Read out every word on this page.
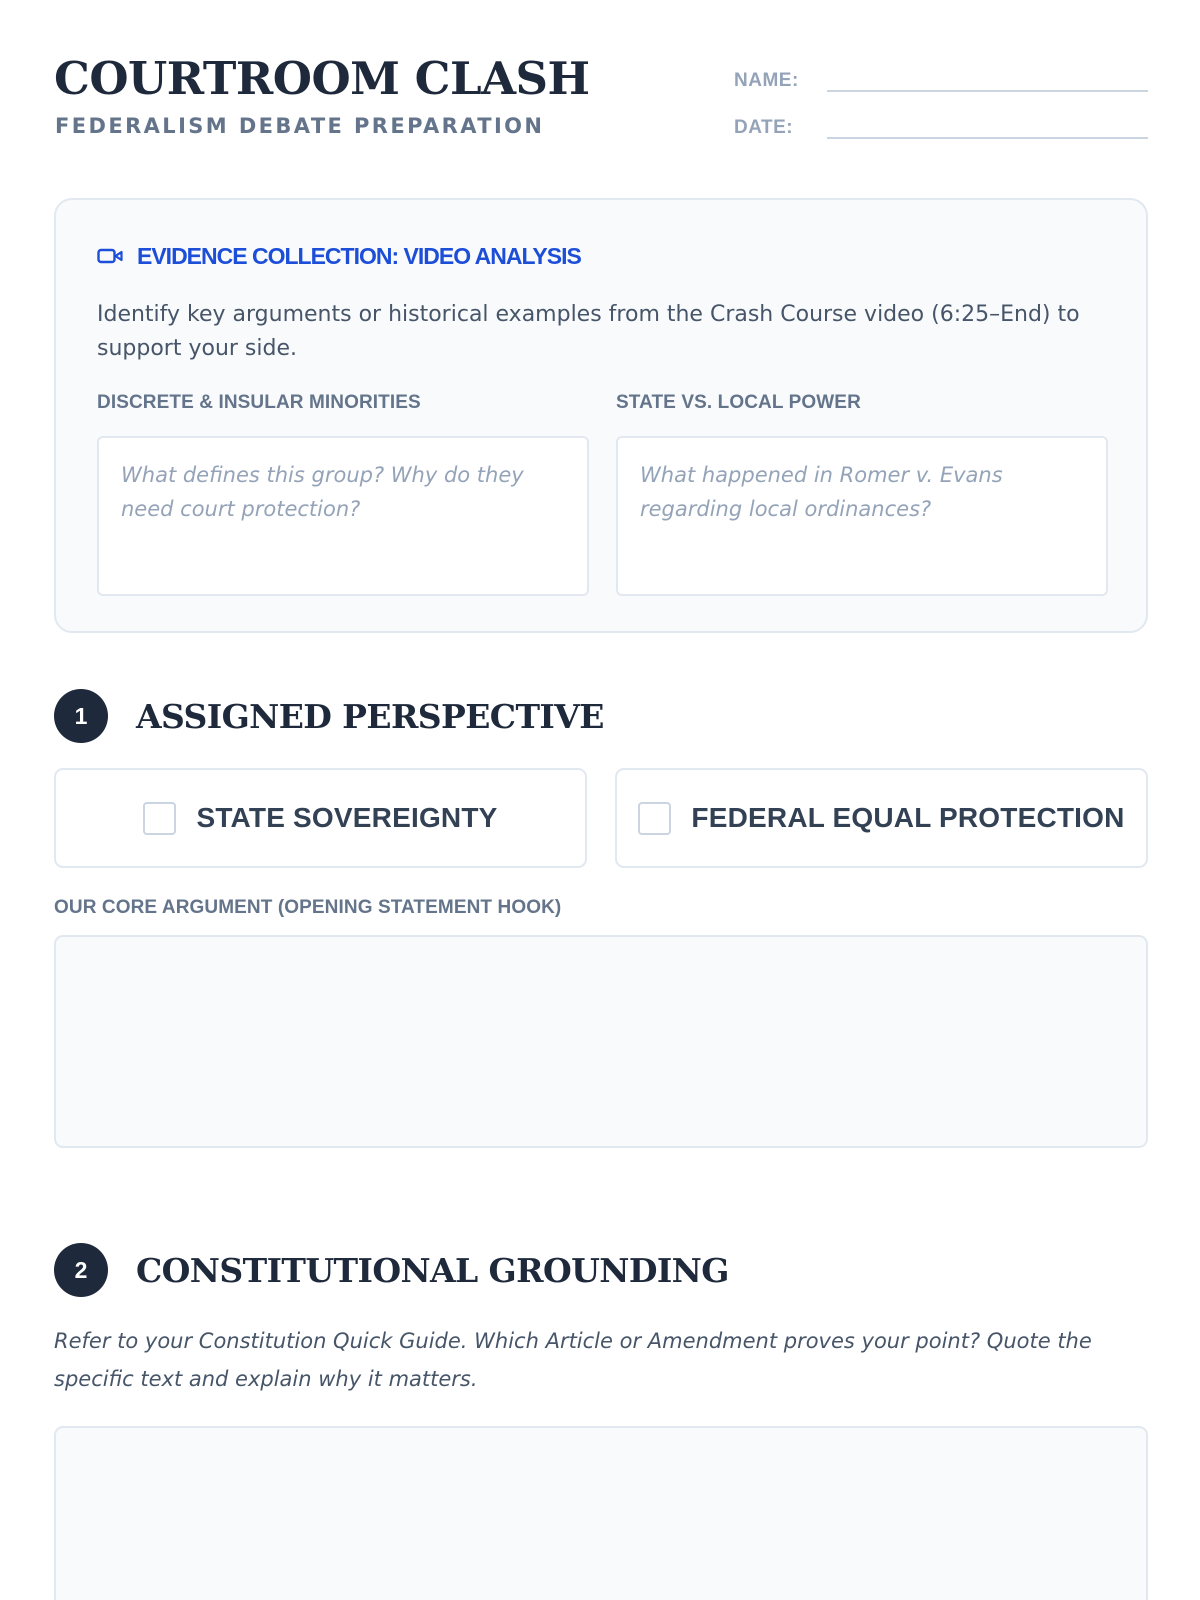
COURTROOM CLASH
FEDERALISM DEBATE PREPARATION
NAME:
DATE:
EVIDENCE COLLECTION: VIDEO ANALYSIS
Identify key arguments or historical examples from the Crash Course video (6:25–End) to support your side.
DISCRETE & INSULAR MINORITIES
What defines this group? Why do they need court protection?	STATE VS. LOCAL POWER
What happened in Romer v. Evans regarding local ordinances?
1	ASSIGNED PERSPECTIVE
STATE SOVEREIGNTY	FEDERAL EQUAL PROTECTION
OUR CORE ARGUMENT (OPENING STATEMENT HOOK)
2	CONSTITUTIONAL GROUNDING
Refer to your Constitution Quick Guide. Which Article or Amendment proves your point? Quote the specific text and explain why it matters.
